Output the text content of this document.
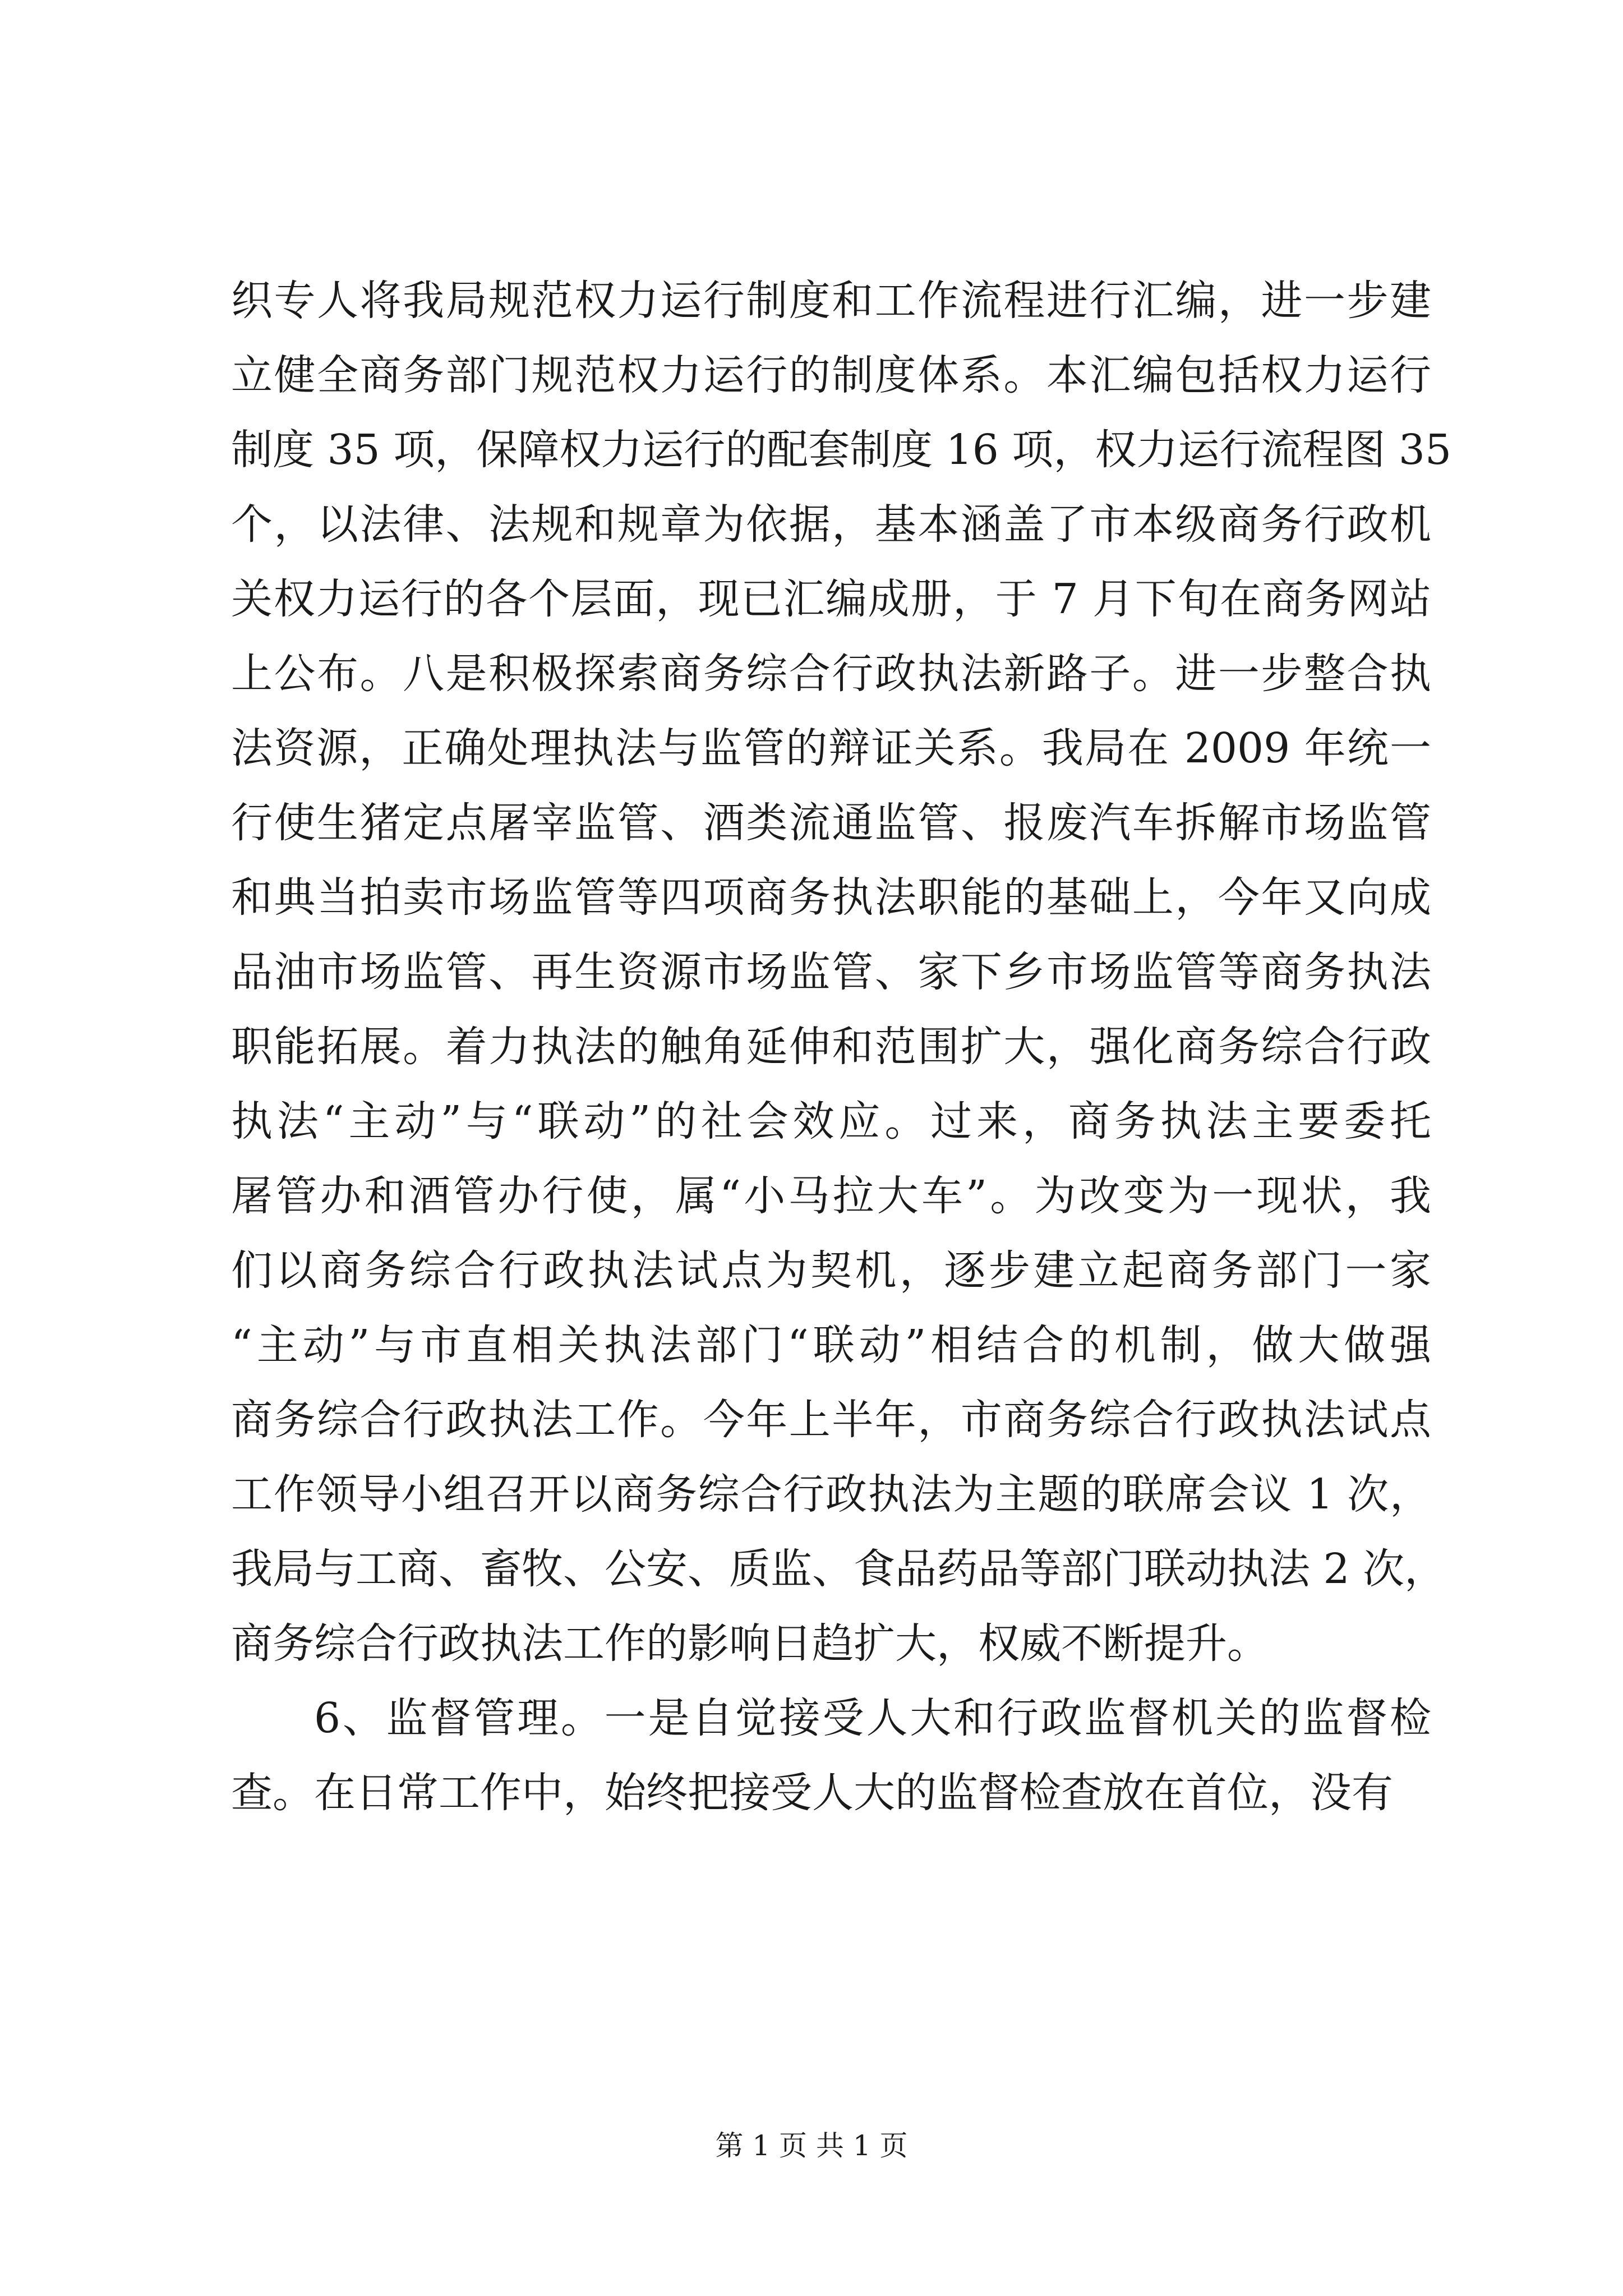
织专人将我局规范权力运行制度和工作流程进行汇编，进一步建
立健全商务部门规范权力运行的制度体系。本汇编包括权力运行
制度 35 项，保障权力运行的配套制度 16 项，权力运行流程图 35
个，以法律、法规和规章为依据，基本涵盖了市本级商务行政机
关权力运行的各个层面，现已汇编成册，于 7 月下旬在商务网站
上公布。八是积极探索商务综合行政执法新路子。进一步整合执
法资源，正确处理执法与监管的辩证关系。我局在 2009 年统一
行使生猪定点屠宰监管、酒类流通监管、报废汽车拆解市场监管
和典当拍卖市场监管等四项商务执法职能的基础上，今年又向成
品油市场监管、再生资源市场监管、家下乡市场监管等商务执法
职能拓展。着力执法的触角延伸和范围扩大，强化商务综合行政
执法“主动”与“联动”的社会效应。过来，商务执法主要委托
屠管办和酒管办行使，属“小马拉大车”。为改变为一现状，我
们以商务综合行政执法试点为契机，逐步建立起商务部门一家
“主动”与市直相关执法部门“联动”相结合的机制，做大做强
商务综合行政执法工作。今年上半年，市商务综合行政执法试点
工作领导小组召开以商务综合行政执法为主题的联席会议 1 次，
我局与工商、畜牧、公安、质监、食品药品等部门联动执法 2 次，
商务综合行政执法工作的影响日趋扩大，权威不断提升。
6、监督管理。一是自觉接受人大和行政监督机关的监督检
查。在日常工作中，始终把接受人大的监督检查放在首位，没有
第 1 页 共 1 页
